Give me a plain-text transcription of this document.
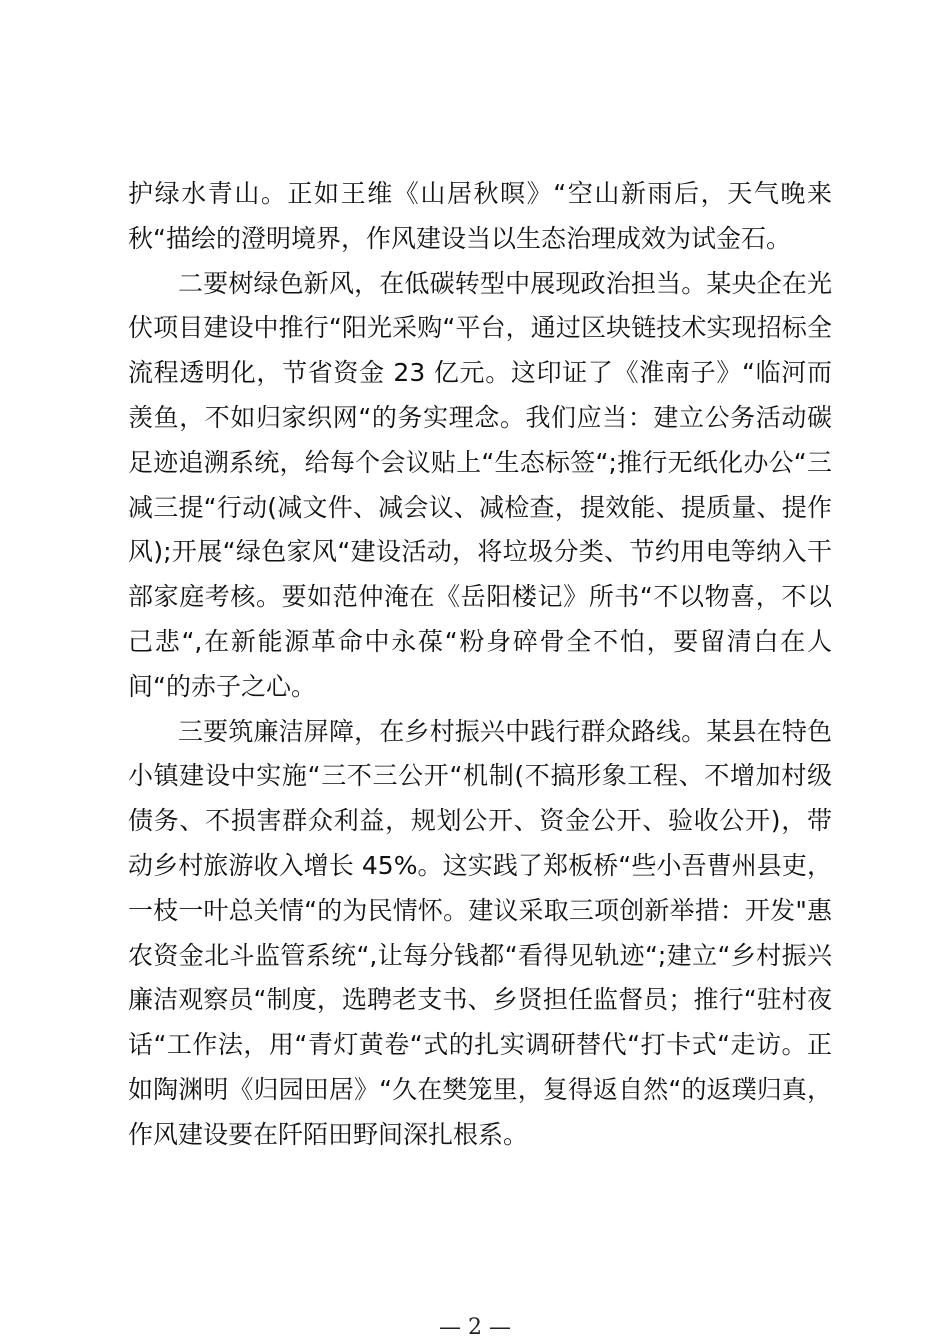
护绿水青山。正如王维《山居秋暝》“空山新雨后，天气晚来秋“描绘的澄明境界，作风建设当以生态治理成效为试金石。

二要树绿色新风，在低碳转型中展现政治担当。某央企在光伏项目建设中推行“阳光采购“平台，通过区块链技术实现招标全流程透明化，节省资金 23 亿元。这印证了《淮南子》“临河而羡鱼，不如归家织网“的务实理念。我们应当：建立公务活动碳足迹追溯系统，给每个会议贴上“生态标签“;推行无纸化办公“三减三提“行动(减文件、减会议、减检查，提效能、提质量、提作风);开展“绿色家风“建设活动，将垃圾分类、节约用电等纳入干部家庭考核。要如范仲淹在《岳阳楼记》所书“不以物喜，不以己悲“,在新能源革命中永葆“粉身碎骨全不怕，要留清白在人间“的赤子之心。

三要筑廉洁屏障，在乡村振兴中践行群众路线。某县在特色小镇建设中实施“三不三公开“机制(不搞形象工程、不增加村级债务、不损害群众利益，规划公开、资金公开、验收公开)，带动乡村旅游收入增长 45%。这实践了郑板桥“些小吾曹州县吏，一枝一叶总关情“的为民情怀。建议采取三项创新举措：开发"惠农资金北斗监管系统“,让每分钱都“看得见轨迹“;建立“乡村振兴廉洁观察员“制度，选聘老支书、乡贤担任监督员；推行“驻村夜话“工作法，用“青灯黄卷“式的扎实调研替代“打卡式“走访。正如陶渊明《归园田居》“久在樊笼里，复得返自然“的返璞归真，作风建设要在阡陌田野间深扎根系。

— 2 —
